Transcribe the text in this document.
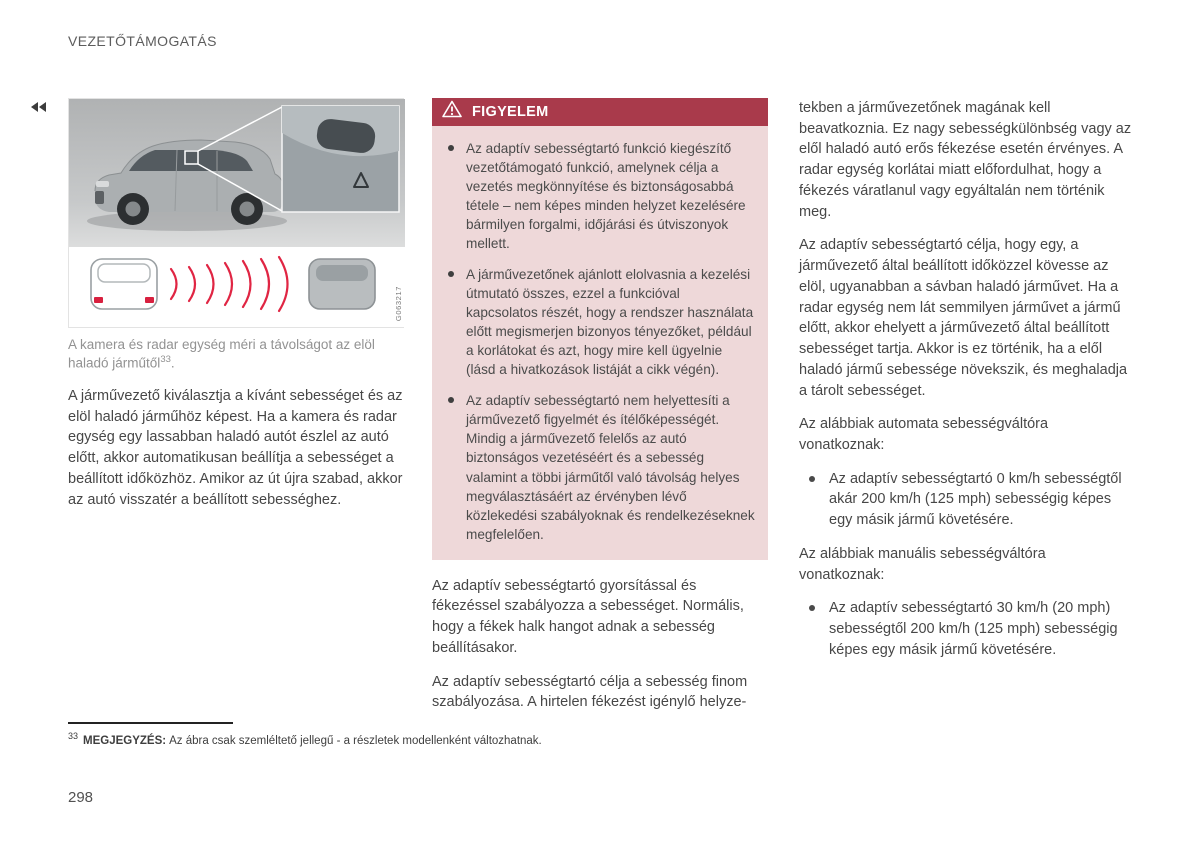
VEZETŐTÁMOGATÁS
G063217
A kamera és radar egység méri a távolságot az elöl haladó járműtől$^{33}$.

A járművezető kiválasztja a kívánt sebességet és az elöl haladó járműhöz képest. Ha a kamera és radar egység egy lassabban haladó autót észlel az autó előtt, akkor automatikusan beállítja a sebességet a beállított időközhöz. Amikor az út újra szabad, akkor az autó visszatér a beállított sebességhez.

FIGYELEM
Az adaptív sebességtartó funkció kiegészítő vezetőtámogató funkció, amelynek célja a vezetés megkönnyítése és biztonságosabbá tétele – nem képes minden helyzet kezelésére bármilyen forgalmi, időjárási és útviszonyok mellett.
A járművezetőnek ajánlott elolvasnia a kezelési útmutató összes, ezzel a funkcióval kapcsolatos részét, hogy a rendszer használata előtt megismerjen bizonyos tényezőket, például a korlátokat és azt, hogy mire kell ügyelnie (lásd a hivatkozások listáját a cikk végén).
Az adaptív sebességtartó nem helyettesíti a járművezető figyelmét és ítélőképességét. Mindig a járművezető felelős az autó biztonságos vezetéséért és a sebesség valamint a többi járműtől való távolság helyes megválasztásáért az érvényben lévő közlekedési szabályoknak és rendelkezéseknek megfelelően.

Az adaptív sebességtartó gyorsítással és fékezéssel szabályozza a sebességet. Normális, hogy a fékek halk hangot adnak a sebesség beállításakor.

Az adaptív sebességtartó célja a sebesség finom szabályozása. A hirtelen fékezést igénylő helyze-

tekben a járművezetőnek magának kell beavatkoznia. Ez nagy sebességkülönbség vagy az elől haladó autó erős fékezése esetén érvényes. A radar egység korlátai miatt előfordulhat, hogy a fékezés váratlanul vagy egyáltalán nem történik meg.

Az adaptív sebességtartó célja, hogy egy, a járművezető által beállított időközzel kövesse az elöl, ugyanabban a sávban haladó járművet. Ha a radar egység nem lát semmilyen járművet a jármű előtt, akkor ehelyett a járművezető által beállított sebességet tartja. Akkor is ez történik, ha a elől haladó jármű sebessége növekszik, és meghaladja a tárolt sebességet.

Az alábbiak automata sebességváltóra vonatkoznak:

Az adaptív sebességtartó 0 km/h sebességtől akár 200 km/h (125 mph) sebességig képes egy másik jármű követésére.

Az alábbiak manuális sebességváltóra vonatkoznak:

Az adaptív sebességtartó 30 km/h (20 mph) sebességtől 200 km/h (125 mph) sebességig képes egy másik jármű követésére.

$^{33}$ MEGJEGYZÉS: Az ábra csak szemléltető jellegű - a részletek modellenként változhatnak.

298
